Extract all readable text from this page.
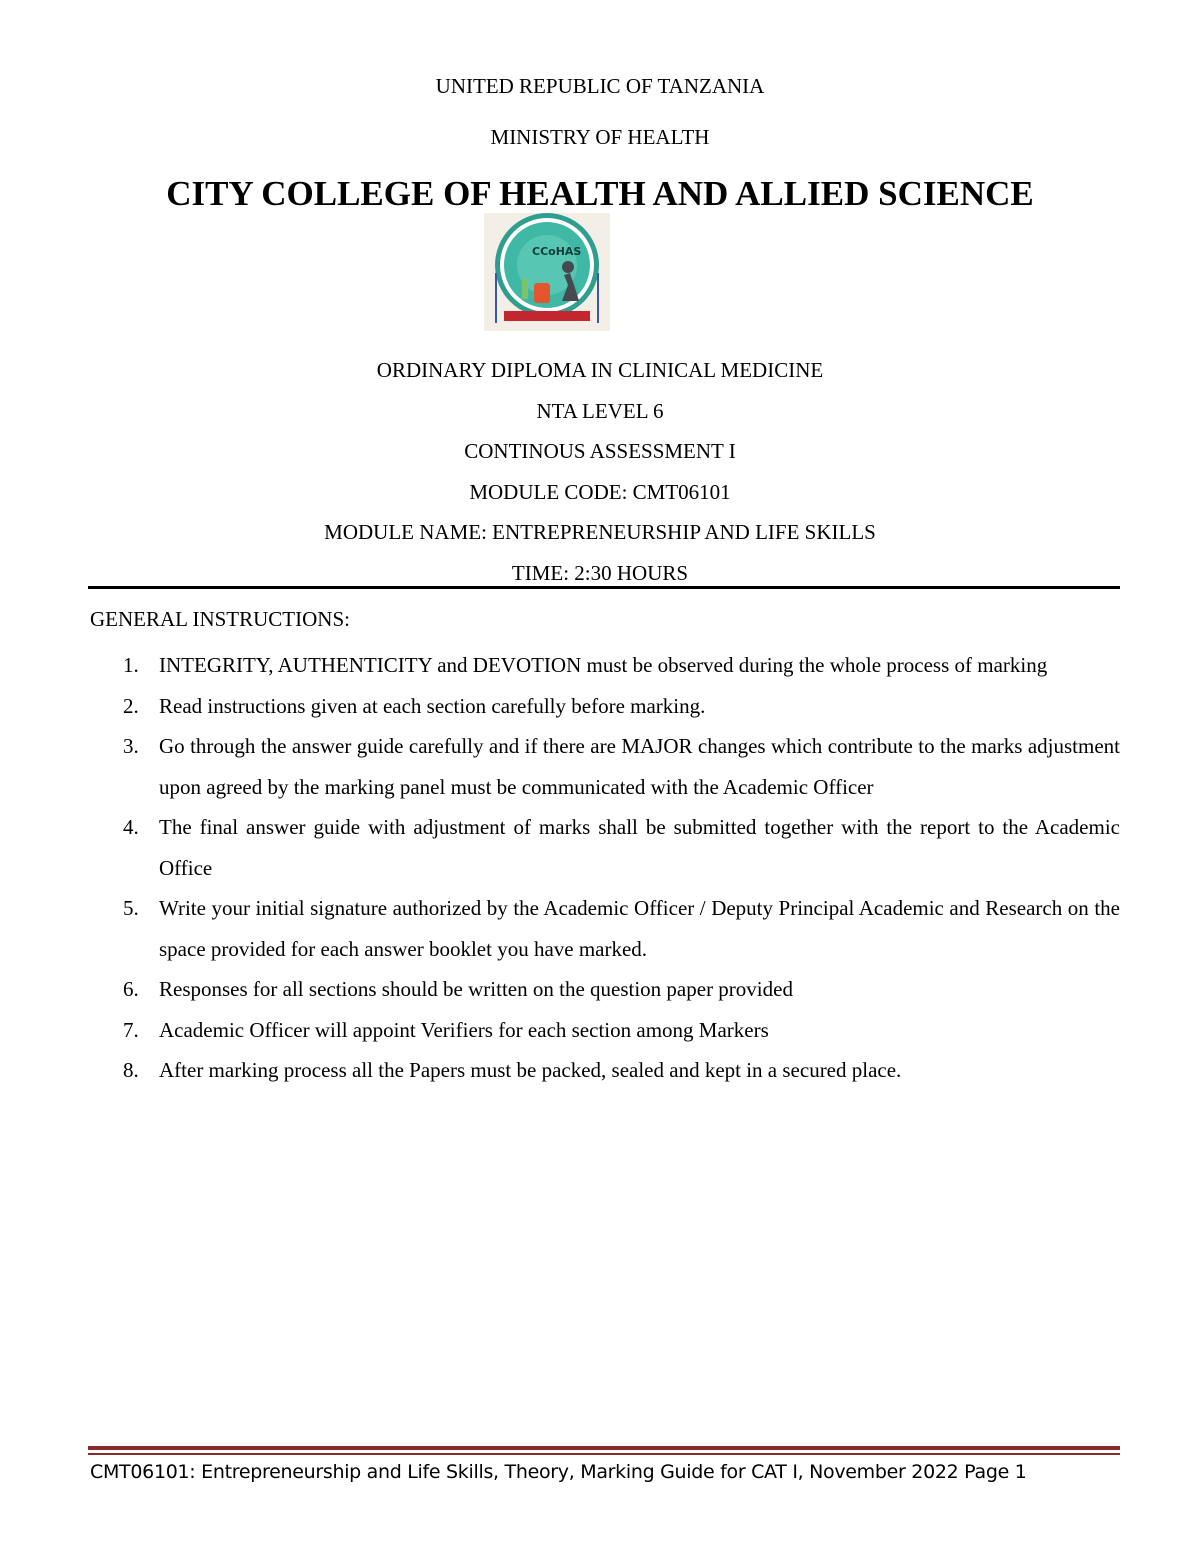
UNITED REPUBLIC OF TANZANIA
MINISTRY OF HEALTH
CITY COLLEGE OF HEALTH AND ALLIED SCIENCE
CCoHAS
ORDINARY DIPLOMA IN CLINICAL MEDICINE
NTA LEVEL 6
CONTINOUS ASSESSMENT I
MODULE CODE: CMT06101
MODULE NAME: ENTREPRENEURSHIP AND LIFE SKILLS
TIME: 2:30 HOURS
GENERAL INSTRUCTIONS:
1. INTEGRITY, AUTHENTICITY and DEVOTION must be observed during the whole process of marking
2. Read instructions given at each section carefully before marking.
3. Go through the answer guide carefully and if there are MAJOR changes which contribute to the marks adjustment upon agreed by the marking panel must be communicated with the Academic Officer
4. The final answer guide with adjustment of marks shall be submitted together with the report to the Academic Office
5. Write your initial signature authorized by the Academic Officer / Deputy Principal Academic and Research on the space provided for each answer booklet you have marked.
6. Responses for all sections should be written on the question paper provided
7. Academic Officer will appoint Verifiers for each section among Markers
8. After marking process all the Papers must be packed, sealed and kept in a secured place.
CMT06101: Entrepreneurship and Life Skills, Theory, Marking Guide for CAT I, November 2022 Page 1
